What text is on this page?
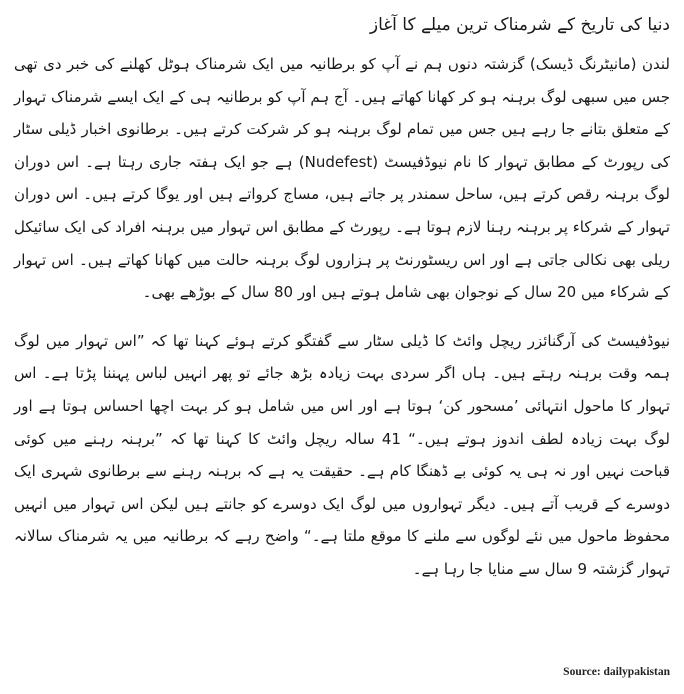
دنیا کی تاریخ کے شرمناک ترین میلے کا آغاز

لندن (مانیٹرنگ ڈیسک) گزشتہ دنوں ہم نے آپ کو برطانیہ میں ایک شرمناک ہوٹل کھلنے کی خبر دی تھی جس میں سبھی لوگ برہنہ ہو کر کھانا کھاتے ہیں۔ آج ہم آپ کو برطانیہ ہی کے ایک ایسے شرمناک تہوار کے متعلق بتانے جا رہے ہیں جس میں تمام لوگ برہنہ ہو کر شرکت کرتے ہیں۔ برطانوی اخبار ڈیلی سٹار کی رپورٹ کے مطابق تہوار کا نام نیوڈفیسٹ (Nudefest) ہے جو ایک ہفتہ جاری رہتا ہے۔ اس دوران لوگ برہنہ رقص کرتے ہیں، ساحل سمندر پر جاتے ہیں، مساج کرواتے ہیں اور یوگا کرتے ہیں۔ اس دوران تہوار کے شرکاء پر برہنہ رہنا لازم ہوتا ہے۔ رپورٹ کے مطابق اس تہوار میں برہنہ افراد کی ایک سائیکل ریلی بھی نکالی جاتی ہے اور اس ریسٹورنٹ پر ہزاروں لوگ برہنہ حالت میں کھانا کھاتے ہیں۔ اس تہوار کے شرکاء میں 20 سال کے نوجوان بھی شامل ہوتے ہیں اور 80 سال کے بوڑھے بھی۔

نیوڈفیسٹ کی آرگنائزر ریچل وائٹ کا ڈیلی سٹار سے گفتگو کرتے ہوئے کہنا تھا کہ ”اس تہوار میں لوگ ہمہ وقت برہنہ رہتے ہیں۔ ہاں اگر سردی بہت زیادہ بڑھ جائے تو پھر انہیں لباس پہننا پڑتا ہے۔ اس تہوار کا ماحول انتہائی ’مسحور کن‘ ہوتا ہے اور اس میں شامل ہو کر بہت اچھا احساس ہوتا ہے اور لوگ بہت زیادہ لطف اندوز ہوتے ہیں۔“ 41 سالہ ریچل وائٹ کا کہنا تھا کہ ”برہنہ رہنے میں کوئی قباحت نہیں اور نہ ہی یہ کوئی بے ڈھنگا کام ہے۔ حقیقت یہ ہے کہ برہنہ رہنے سے برطانوی شہری ایک دوسرے کے قریب آتے ہیں۔ دیگر تہواروں میں لوگ ایک دوسرے کو جانتے ہیں لیکن اس تہوار میں انہیں محفوظ ماحول میں نئے لوگوں سے ملنے کا موقع ملتا ہے۔“ واضح رہے کہ برطانیہ میں یہ شرمناک سالانہ تہوار گزشتہ 9 سال سے منایا جا رہا ہے۔

Source: dailypakistan
